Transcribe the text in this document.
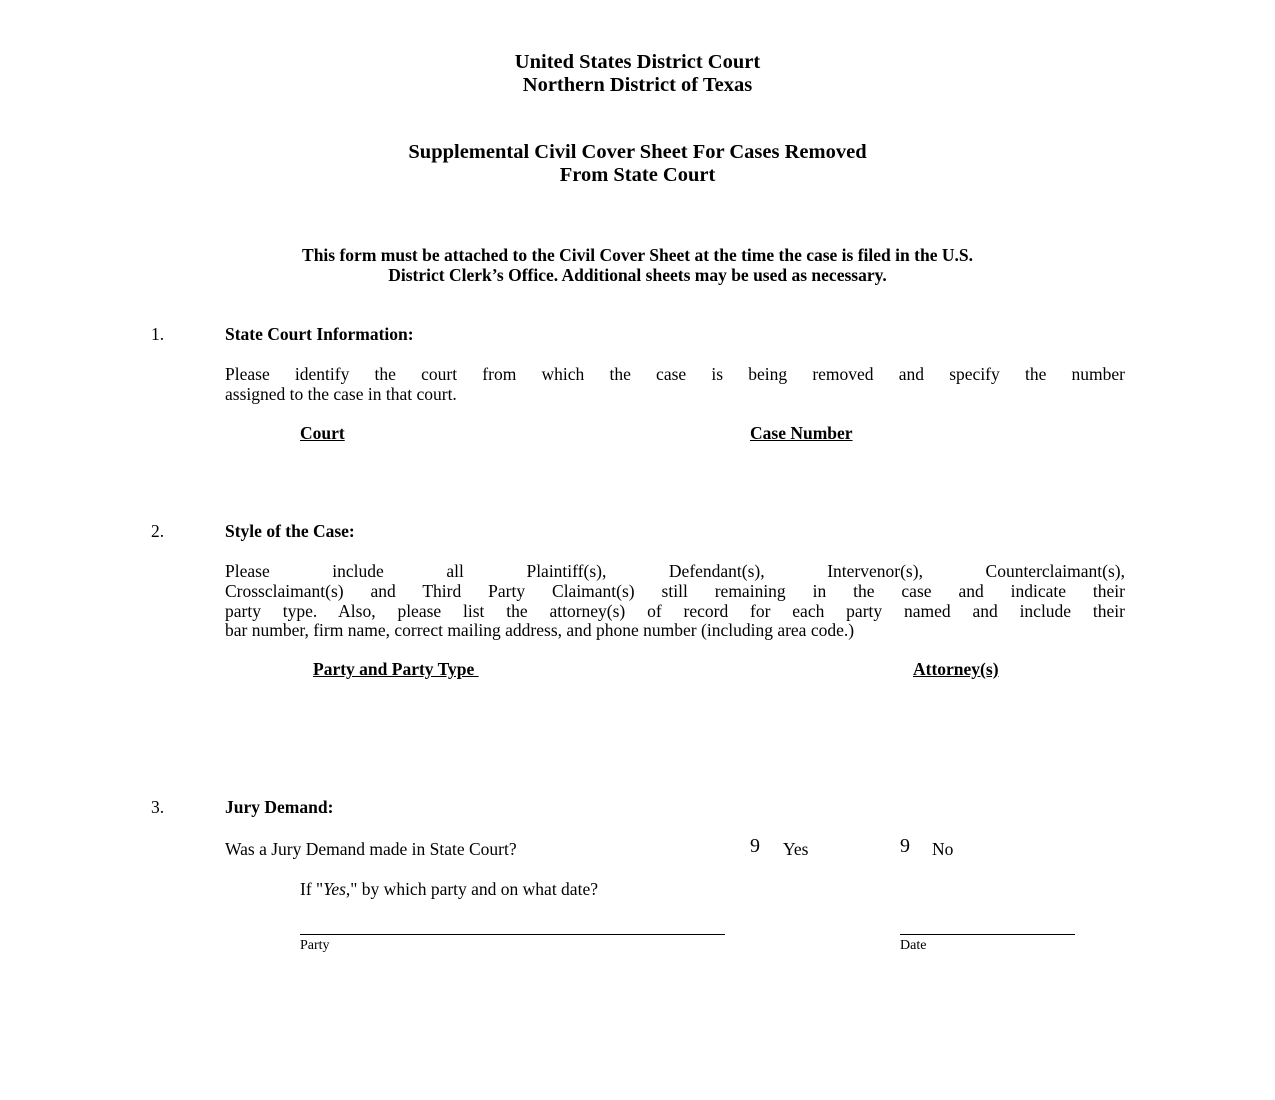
United States District Court
Northern District of Texas
Supplemental Civil Cover Sheet For Cases Removed
From State Court
This form must be attached to the Civil Cover Sheet at the time the case is filed in the U.S.
District Clerk’s Office. Additional sheets may be used as necessary.
1.	State Court Information:
Please identify the court from which the case is being removed and specify the number
assigned to the case in that court.
Court	Case Number
2.	Style of the Case:
Please include all Plaintiff(s), Defendant(s), Intervenor(s), Counterclaimant(s),
Crossclaimant(s) and Third Party Claimant(s) still remaining in the case and indicate their
party type. Also, please list the attorney(s) of record for each party named and include their
bar number, firm name, correct mailing address, and phone number (including area code.)
Party and Party Type	Attorney(s)
3.	Jury Demand:
Was a Jury Demand made in State Court?	9 Yes	9 No
If "Yes," by which party and on what date?
Party	Date
